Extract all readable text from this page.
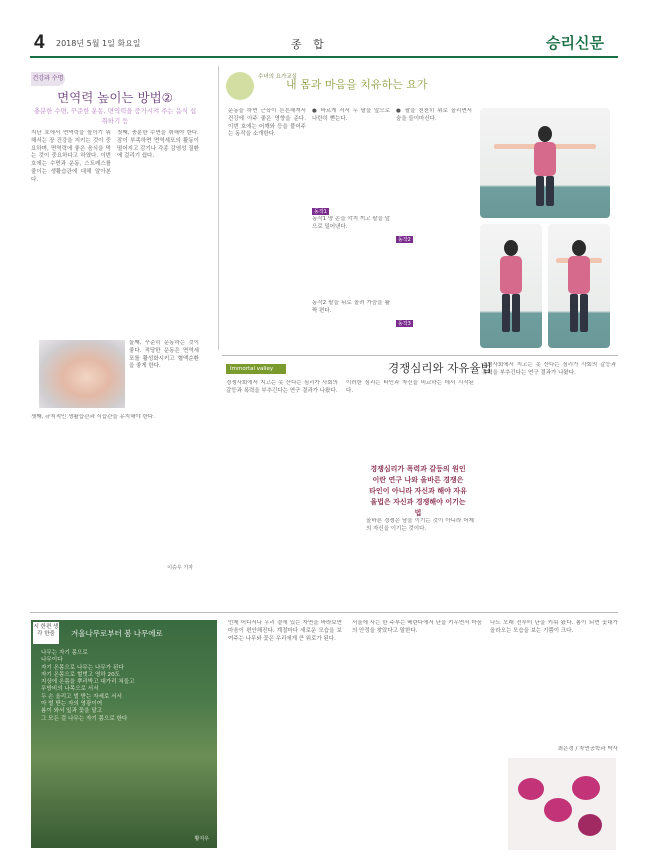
4 2018년 5월 1일 화요일	종 합	승리신문
건강과 수명
면역력 높이는 방법②
충분한 수면, 꾸준한 운동, 면역력을 증가시켜 주는 음식 섭취하기 등
지난 호에서 면역력을 높이기 위해서는 장 건강을 지키는 것이 중요하며, 면역력에 좋은 음식을 먹는 것이 중요하다고 하였다. 이번 호에는 수면과 운동, 스트레스를 줄이는 생활습관에 대해 알아본다.
첫째, 충분한 수면을 취해야 한다. 잠이 부족하면 면역세포의 활동이 떨어지고 감기나 각종 감염성 질환에 걸리기 쉽다.
둘째, 꾸준히 운동하는 것이 좋다. 적당한 운동은 면역세포를 활성화시키고 혈액순환을 좋게 한다.
셋째, 규칙적인 생활습관과 식습관을 유지해야 한다.
이승우 기자
수녀의 요가교실
내 몸과 마음을 치유하는 요가
운동을 하면 근육이 튼튼해져서 건강에 아주 좋은 영향을 준다. 이번 호에는 어깨와 등을 풀어주는 동작을 소개한다.
● 바르게 서서 두 팔을 앞으로 나란히 뻗는다.
동작1 양 손을 깍지 끼고 팔을 앞으로 밀어낸다.
동작2 팔을 뒤로 돌려 가슴을 활짝 편다.
● 팔을 천천히 위로 올리면서 숨을 들이마신다.
동작1
동작2
동작3
Immortal valley	경쟁심리와 자유율법
경쟁사회에서 지고는 못 산다는 심리가 사회의 갈등과 폭력을 부추긴다는 연구 결과가 나왔다.
이러한 심리는 타인과 자신을 비교하는 데서 시작된다.
경쟁심리가 폭력과 갈등의 원인이란 연구 나와 올바른 경쟁은 타인이 아니라 자신과 해야 자유율법은 자신과 경쟁해야 이기는 법
올바른 경쟁은 남을 이기는 것이 아니라 어제의 자신을 이기는 것이다.
경쟁사회에서 지고는 못 산다는 심리가 사회의 갈등과 폭력을 부추긴다는 연구 결과가 나왔다.
시 한편 생각 한줌	겨울나무로부터 봄 나무에로
나무는 자기 몸으로
나무이다
자기 온몸으로 나무는 나무가 된다
자기 온몸으로 헐벗고 영하 20도
지상에 온몸을 뿌리박고 대가리 쳐들고
무방비의 나목으로 서서
두 손 올리고 벌 받는 자세로 서서
아 벌 받는 자의 영광이여
봄이 와서 잎과 꽃을 달고
그 모든 걸 나무는 자기 몸으로 한다
황지우
언제 어디서나 우리 곁에 있는 자연을 바라보면 마음이 편안해진다. 계절마다 새로운 모습을 보여주는 나무와 꽃은 우리에게 큰 위로가 된다.
서울에 사는 한 주부는 베란다에서 난을 키우면서 마음의 안정을 찾았다고 말한다.
나도 오래 전부터 난을 키워 왔다. 봄이 되면 꽃대가 올라오는 모습을 보는 기쁨이 크다.
최은경 / 자연공학과 박사
